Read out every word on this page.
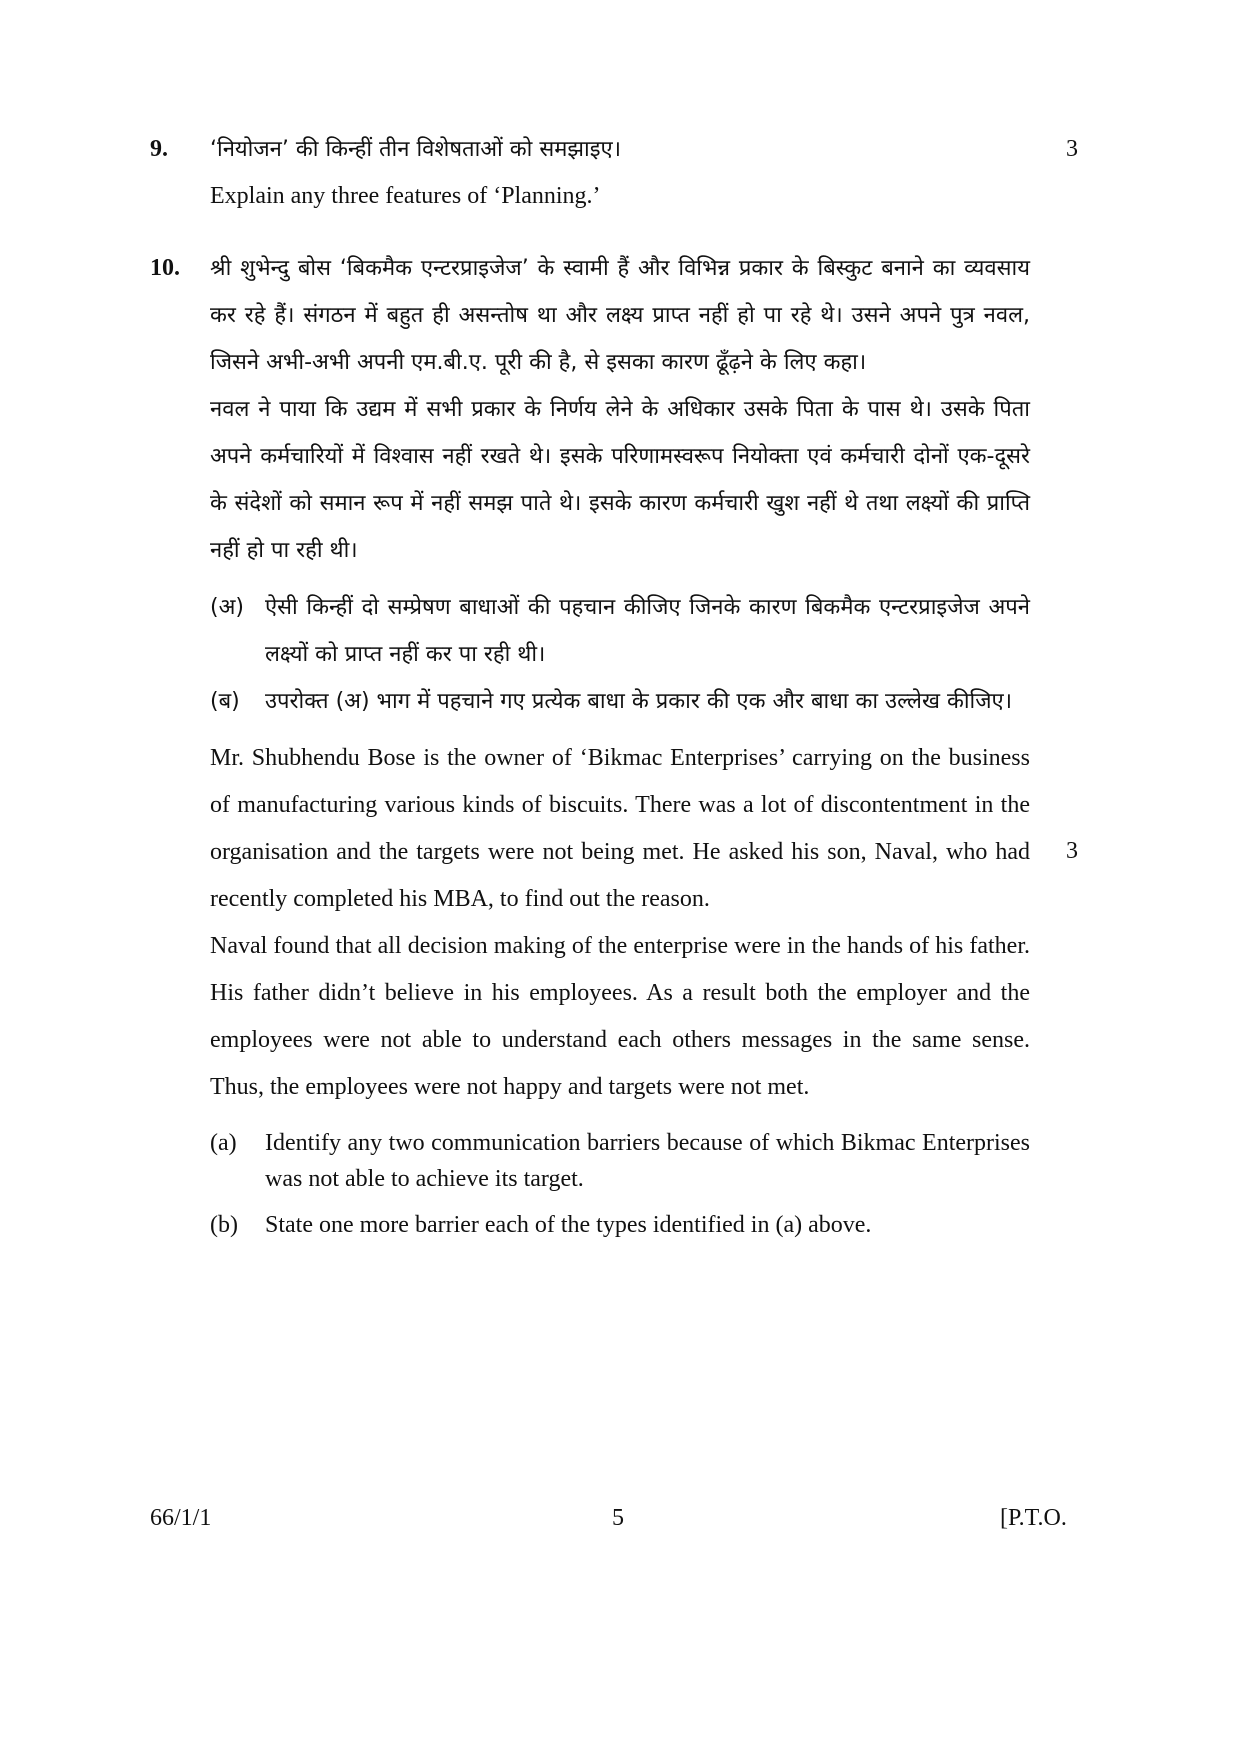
9. ‘नियोजन’ की किन्हीं तीन विशेषताओं को समझाइए।

Explain any three features of ‘Planning.’

3
10. श्री शुभेन्दु बोस ‘बिकमैक एन्टरप्राइजेज’ के स्वामी हैं और विभिन्न प्रकार के बिस्कुट बनाने का व्यवसाय कर रहे हैं। संगठन में बहुत ही असन्तोष था और लक्ष्य प्राप्त नहीं हो पा रहे थे। उसने अपने पुत्र नवल, जिसने अभी-अभी अपनी एम.बी.ए. पूरी की है, से इसका कारण ढूँढ़ने के लिए कहा।

नवल ने पाया कि उद्यम में सभी प्रकार के निर्णय लेने के अधिकार उसके पिता के पास थे। उसके पिता अपने कर्मचारियों में विश्वास नहीं रखते थे। इसके परिणामस्वरूप नियोक्ता एवं कर्मचारी दोनों एक-दूसरे के संदेशों को समान रूप में नहीं समझ पाते थे। इसके कारण कर्मचारी खुश नहीं थे तथा लक्ष्यों की प्राप्ति नहीं हो पा रही थी।

(अ) ऐसी किन्हीं दो सम्प्रेषण बाधाओं की पहचान कीजिए जिनके कारण बिकमैक एन्टरप्राइजेज अपने लक्ष्यों को प्राप्त नहीं कर पा रही थी।
(ब) उपरोक्त (अ) भाग में पहचाने गए प्रत्येक बाधा के प्रकार की एक और बाधा का उल्लेख कीजिए।

Mr. Shubhendu Bose is the owner of ‘Bikmac Enterprises’ carrying on the business of manufacturing various kinds of biscuits. There was a lot of discontentment in the organisation and the targets were not being met. He asked his son, Naval, who had recently completed his MBA, to find out the reason.

Naval found that all decision making of the enterprise were in the hands of his father. His father didn’t believe in his employees. As a result both the employer and the employees were not able to understand each others messages in the same sense. Thus, the employees were not happy and targets were not met.

(a) Identify any two communication barriers because of which Bikmac Enterprises was not able to achieve its target.
(b) State one more barrier each of the types identified in (a) above.
3
66/1/1	5	[P.T.O.
